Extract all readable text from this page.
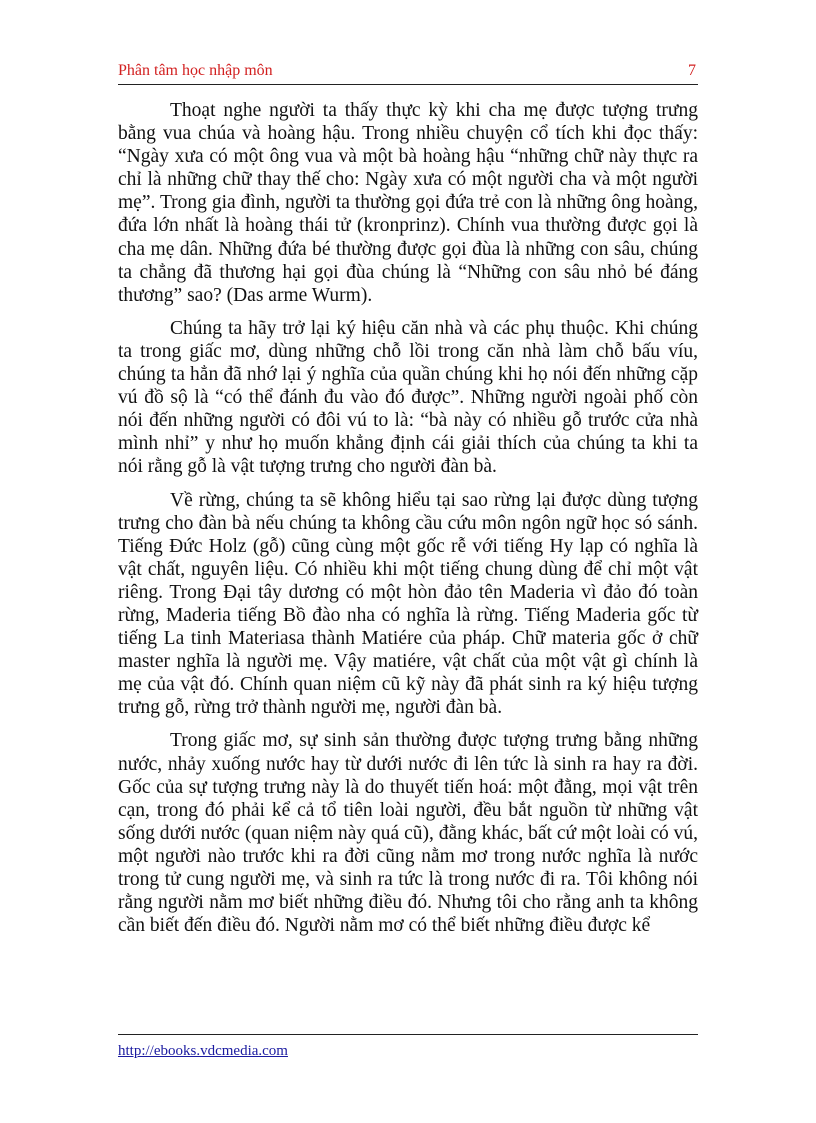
Phân tâm học nhập môn	7

Thoạt nghe người ta thấy thực kỳ khi cha mẹ được tượng trưng bằng vua chúa và hoàng hậu. Trong nhiều chuyện cổ tích khi đọc thấy: “Ngày xưa có một ông vua và một bà hoàng hậu “những chữ này thực ra chỉ là những chữ thay thế cho: Ngày xưa có một người cha và một người mẹ”. Trong gia đình, người ta thường gọi đứa trẻ con là những ông hoàng, đứa lớn nhất là hoàng thái tử (kronprinz). Chính vua thường được gọi là cha mẹ dân. Những đứa bé thường được gọi đùa là những con sâu, chúng ta chẳng đã thương hại gọi đùa chúng là “Những con sâu nhỏ bé đáng thương” sao? (Das arme Wurm).

Chúng ta hãy trở lại ký hiệu căn nhà và các phụ thuộc. Khi chúng ta trong giấc mơ, dùng những chỗ lồi trong căn nhà làm chỗ bấu víu, chúng ta hẳn đã nhớ lại ý nghĩa của quần chúng khi họ nói đến những cặp vú đồ sộ là “có thể đánh đu vào đó được”. Những người ngoài phố còn nói đến những người có đôi vú to là: “bà này có nhiều gỗ trước cửa nhà mình nhỉ” y như họ muốn khẳng định cái giải thích của chúng ta khi ta nói rằng gỗ là vật tượng trưng cho người đàn bà.

Về rừng, chúng ta sẽ không hiểu tại sao rừng lại được dùng tượng trưng cho đàn bà nếu chúng ta không cầu cứu môn ngôn ngữ học só sánh. Tiếng Đức Holz (gỗ) cũng cùng một gốc rễ với tiếng Hy lạp có nghĩa là vật chất, nguyên liệu. Có nhiều khi một tiếng chung dùng để chỉ một vật riêng. Trong Đại tây dương có một hòn đảo tên Maderia vì đảo đó toàn rừng, Maderia tiếng Bồ đào nha có nghĩa là rừng. Tiếng Maderia gốc từ tiếng La tinh Materiasa thành Matiére của pháp. Chữ materia gốc ở chữ master nghĩa là người mẹ. Vậy matiére, vật chất của một vật gì chính là mẹ của vật đó. Chính quan niệm cũ kỹ này đã phát sinh ra ký hiệu tượng trưng gỗ, rừng trở thành người mẹ, người đàn bà.

Trong giấc mơ, sự sinh sản thường được tượng trưng bằng những nước, nhảy xuống nước hay từ dưới nước đi lên tức là sinh ra hay ra đời. Gốc của sự tượng trưng này là do thuyết tiến hoá: một đằng, mọi vật trên cạn, trong đó phải kể cả tổ tiên loài người, đều bắt nguồn từ những vật sống dưới nước (quan niệm này quá cũ), đằng khác, bất cứ một loài có vú, một người nào trước khi ra đời cũng nằm mơ trong nước nghĩa là nước trong tử cung người mẹ, và sinh ra tức là trong nước đi ra. Tôi không nói rằng người nằm mơ biết những điều đó. Nhưng tôi cho rằng anh ta không cần biết đến điều đó. Người nằm mơ có thể biết những điều được kể

http://ebooks.vdcmedia.com
